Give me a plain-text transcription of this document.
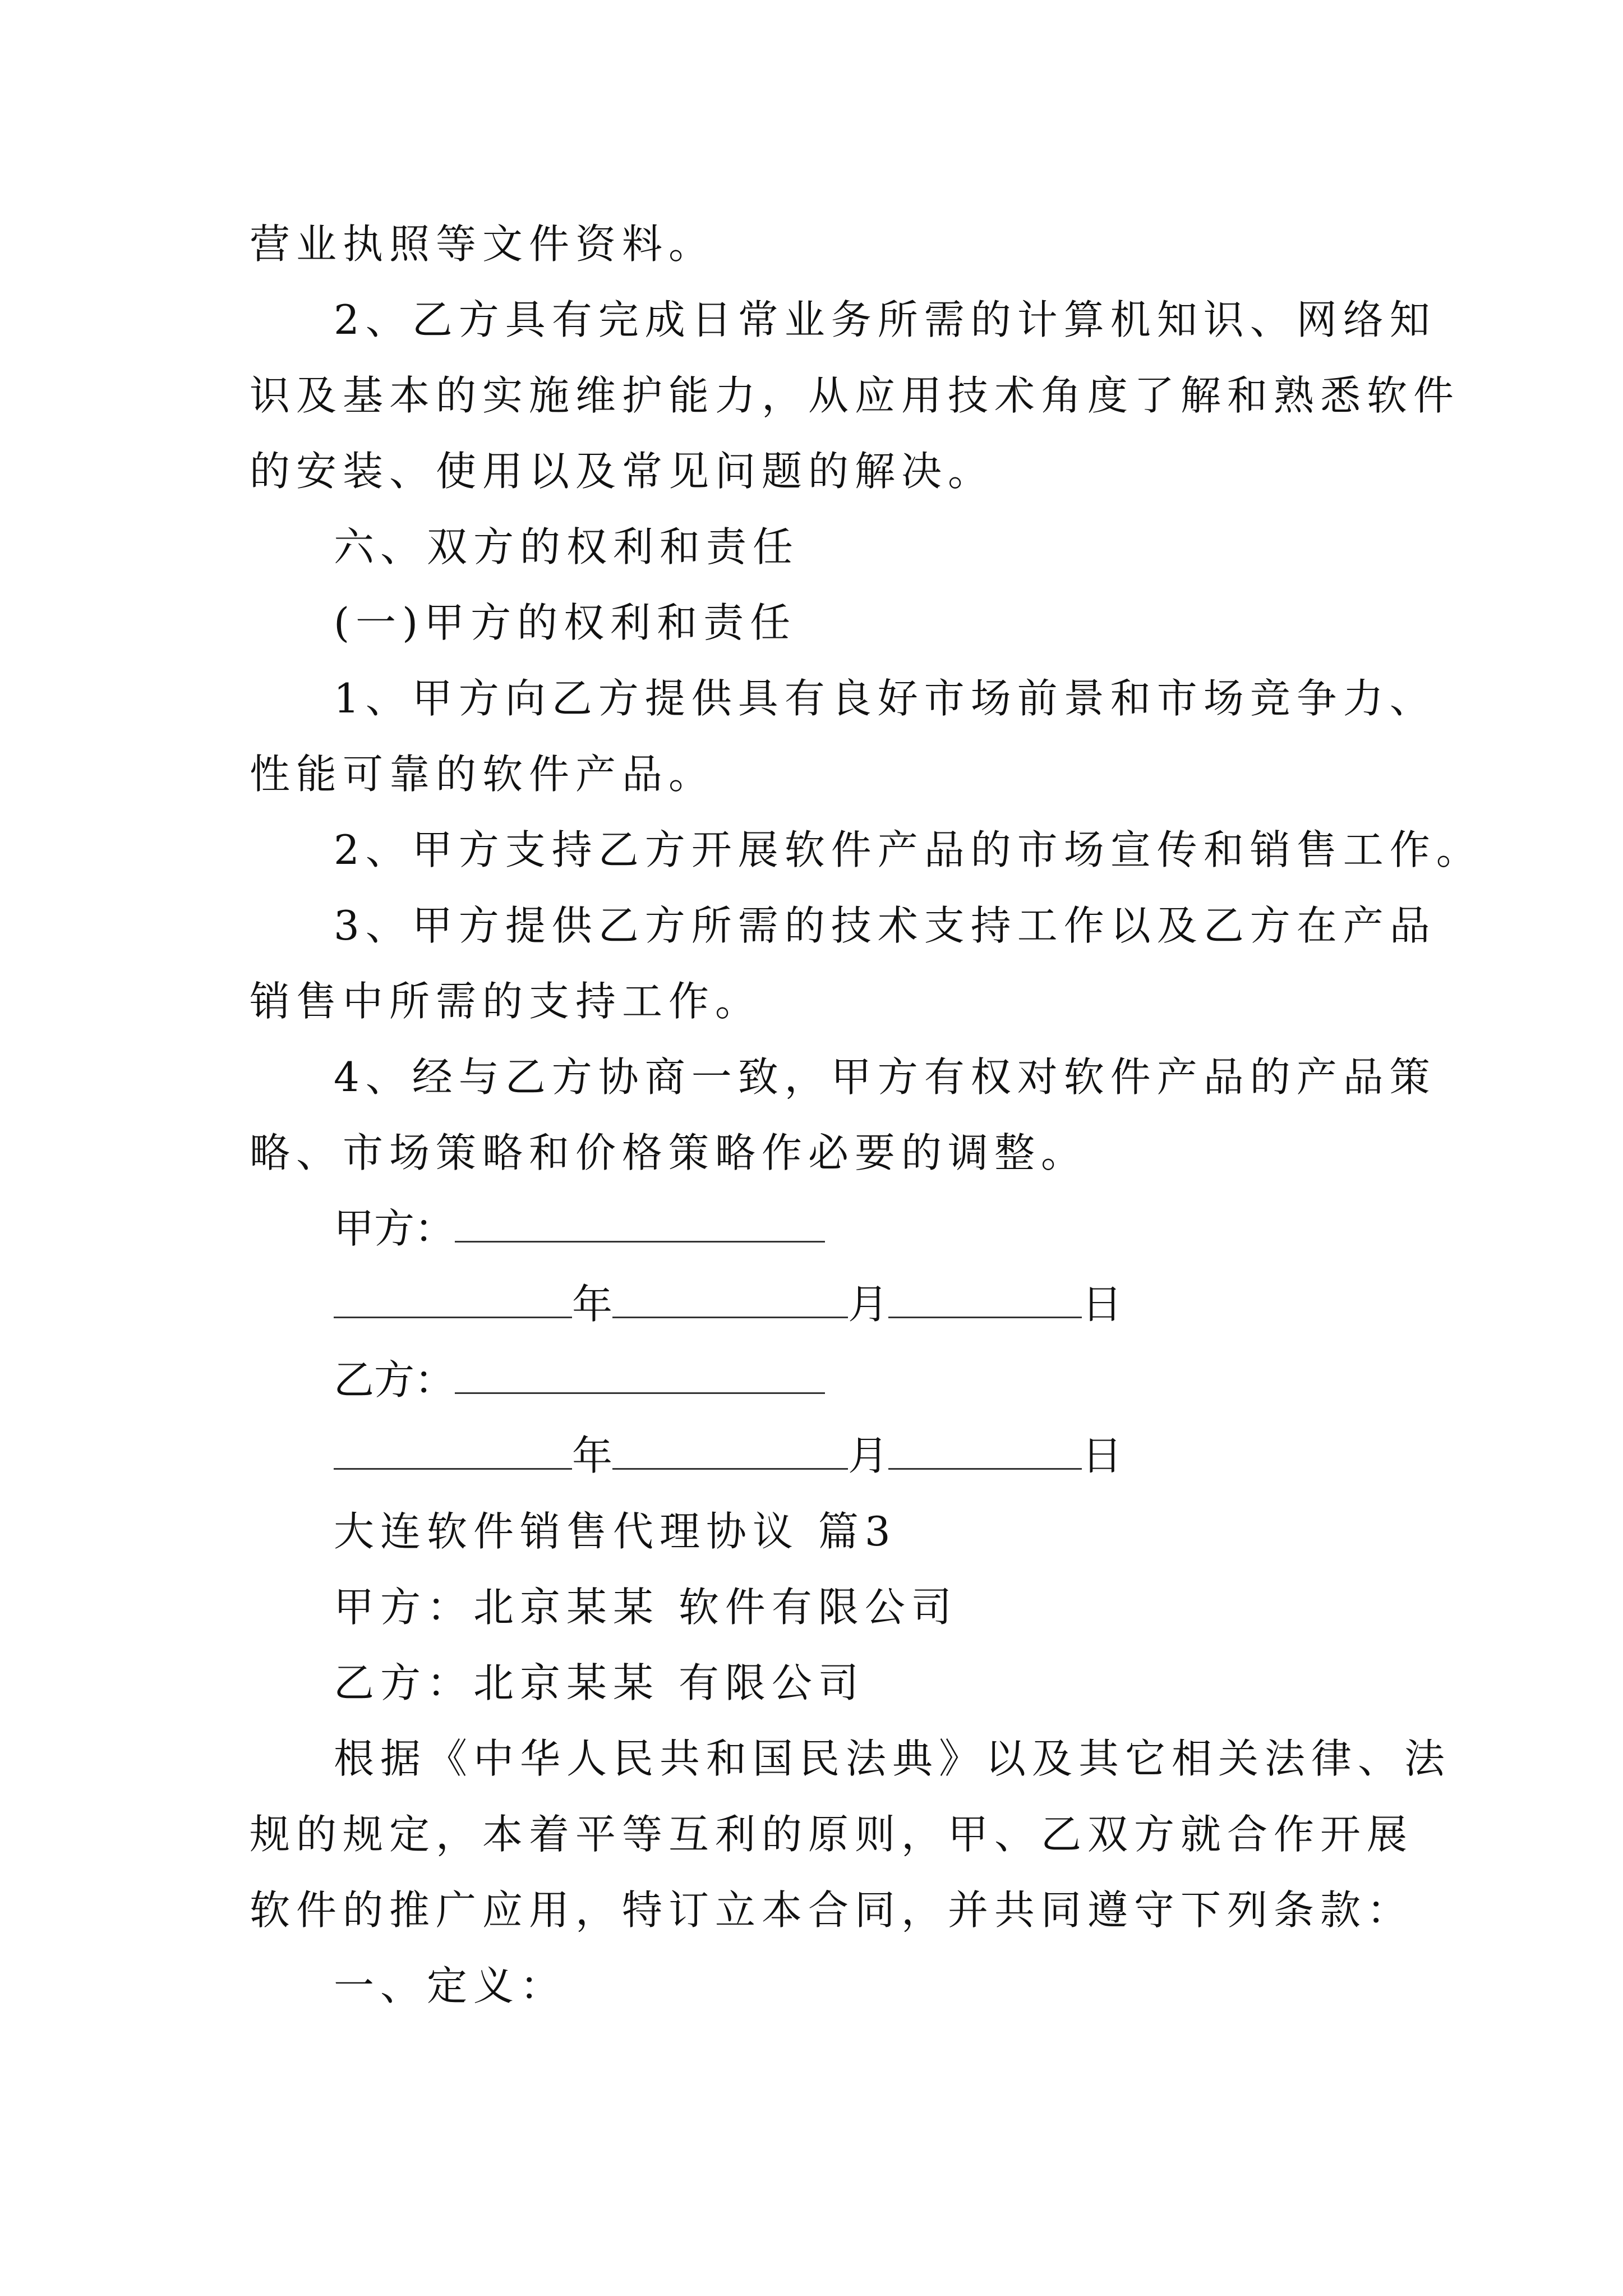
营业执照等文件资料。
2、乙方具有完成日常业务所需的计算机知识、网络知
识及基本的实施维护能力，从应用技术角度了解和熟悉软件
的安装、使用以及常见问题的解决。
六、双方的权利和责任
(一)甲方的权利和责任
1、甲方向乙方提供具有良好市场前景和市场竞争力、
性能可靠的软件产品。
2、甲方支持乙方开展软件产品的市场宣传和销售工作。
3、甲方提供乙方所需的技术支持工作以及乙方在产品
销售中所需的支持工作。
4、经与乙方协商一致，甲方有权对软件产品的产品策
略、市场策略和价格策略作必要的调整。
甲方：
年	月	日
乙方：
年	月	日
大连软件销售代理协议 篇3
甲方：北京某某 软件有限公司
乙方：北京某某 有限公司
根据《中华人民共和国民法典》以及其它相关法律、法
规的规定，本着平等互利的原则，甲、乙双方就合作开展
软件的推广应用，特订立本合同，并共同遵守下列条款：
一、定义：
